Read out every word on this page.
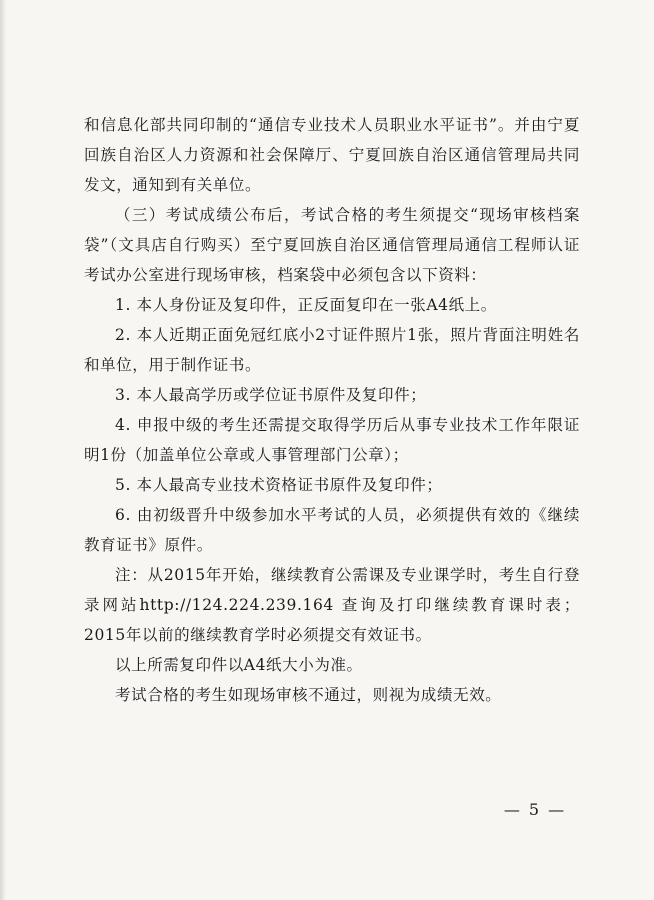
和信息化部共同印制的“通信专业技术人员职业水平证书”。并由宁夏回族自治区人力资源和社会保障厅、宁夏回族自治区通信管理局共同发文，通知到有关单位。

（三）考试成绩公布后，考试合格的考生须提交“现场审核档案袋”（文具店自行购买）至宁夏回族自治区通信管理局通信工程师认证考试办公室进行现场审核，档案袋中必须包含以下资料：

1. 本人身份证及复印件，正反面复印在一张A4纸上。

2. 本人近期正面免冠红底小2寸证件照片1张，照片背面注明姓名和单位，用于制作证书。

3. 本人最高学历或学位证书原件及复印件；

4. 申报中级的考生还需提交取得学历后从事专业技术工作年限证明1份（加盖单位公章或人事管理部门公章）；

5. 本人最高专业技术资格证书原件及复印件；

6. 由初级晋升中级参加水平考试的人员，必须提供有效的《继续教育证书》原件。

注：从2015年开始，继续教育公需课及专业课学时，考生自行登录网站http://124.224.239.164 查询及打印继续教育课时表；2015年以前的继续教育学时必须提交有效证书。

以上所需复印件以A4纸大小为准。

考试合格的考生如现场审核不通过，则视为成绩无效。

— 5 —
